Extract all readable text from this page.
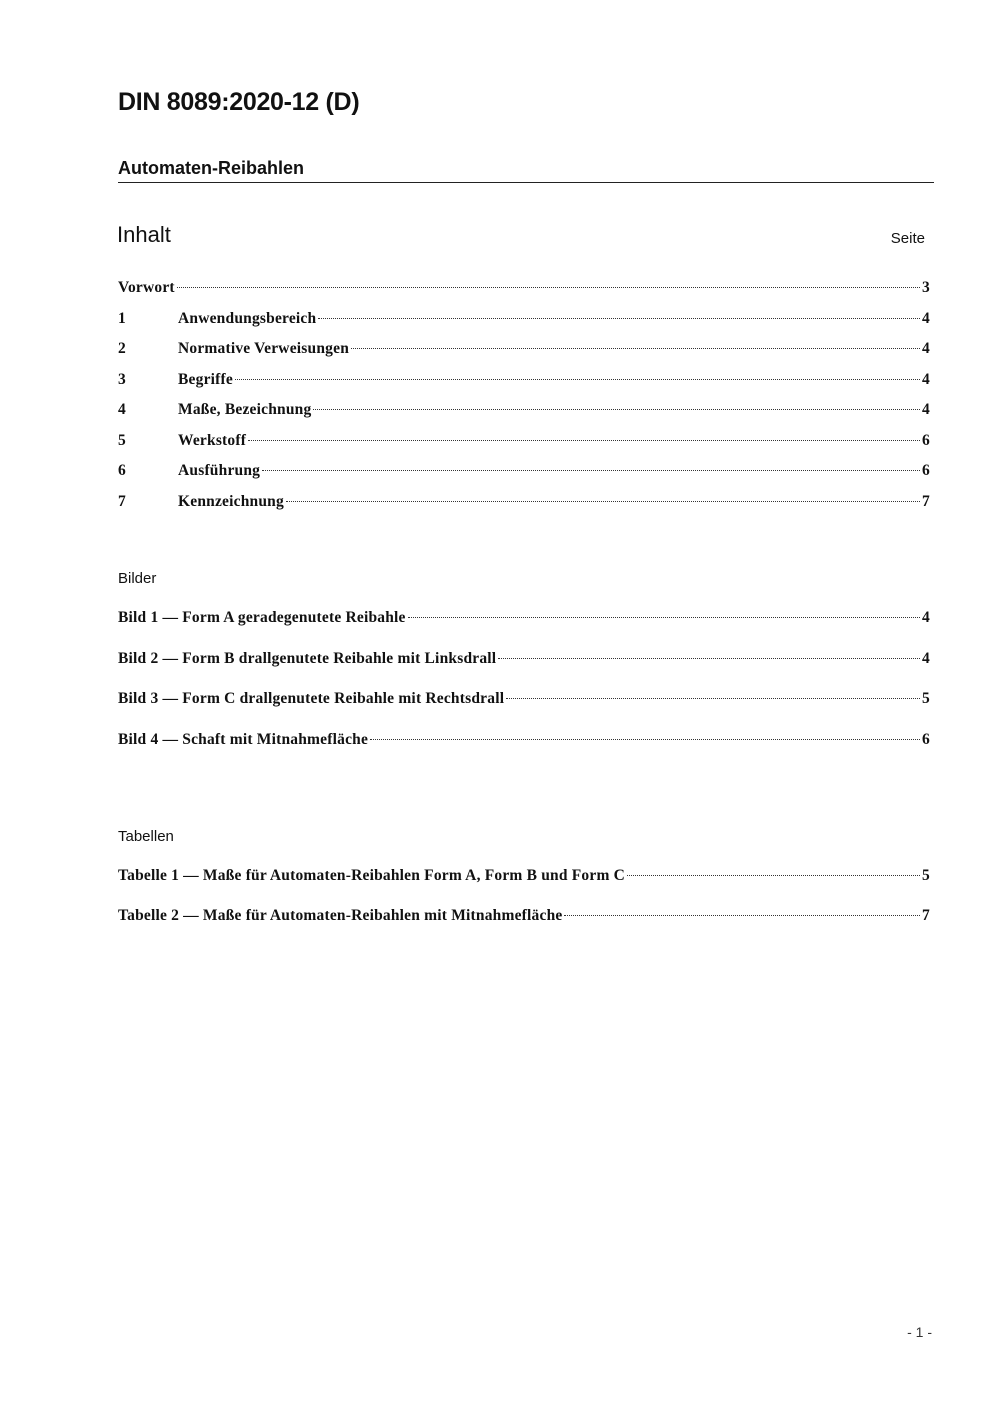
DIN 8089:2020-12 (D)
Automaten-Reibahlen
Inhalt	Seite
Vorwort	3
1	Anwendungsbereich	4
2	Normative Verweisungen	4
3	Begriffe	4
4	Maße, Bezeichnung	4
5	Werkstoff	6
6	Ausführung	6
7	Kennzeichnung	7
Bilder
Bild 1 — Form A geradegenutete Reibahle	4
Bild 2 — Form B drallgenutete Reibahle mit Linksdrall	4
Bild 3 — Form C drallgenutete Reibahle mit Rechtsdrall	5
Bild 4 — Schaft mit Mitnahmefläche	6
Tabellen
Tabelle 1 — Maße für Automaten-Reibahlen Form A, Form B und Form C	5
Tabelle 2 — Maße für Automaten-Reibahlen mit Mitnahmefläche	7
- 1 -
